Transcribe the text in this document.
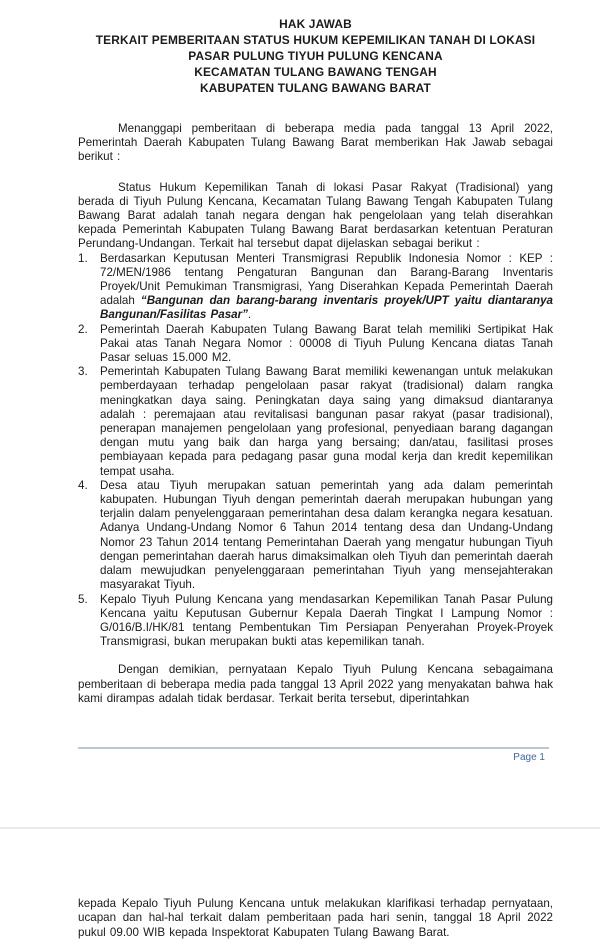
HAK JAWAB
TERKAIT PEMBERITAAN STATUS HUKUM KEPEMILIKAN TANAH DI LOKASI
PASAR PULUNG TIYUH PULUNG KENCANA
KECAMATAN TULANG BAWANG TENGAH
KABUPATEN TULANG BAWANG BARAT

Menanggapi pemberitaan di beberapa media pada tanggal 13 April 2022, Pemerintah Daerah Kabupaten Tulang Bawang Barat memberikan Hak Jawab sebagai berikut :

Status Hukum Kepemilikan Tanah di lokasi Pasar Rakyat (Tradisional) yang berada di Tiyuh Pulung Kencana, Kecamatan Tulang Bawang Tengah Kabupaten Tulang Bawang Barat adalah tanah negara dengan hak pengelolaan yang telah diserahkan kepada Pemerintah Kabupaten Tulang Bawang Barat berdasarkan ketentuan Peraturan Perundang-Undangan. Terkait hal tersebut dapat dijelaskan sebagai berikut :

1. Berdasarkan Keputusan Menteri Transmigrasi Republik Indonesia Nomor : KEP : 72/MEN/1986 tentang Pengaturan Bangunan dan Barang-Barang Inventaris Proyek/Unit Pemukiman Transmigrasi, Yang Diserahkan Kepada Pemerintah Daerah adalah “Bangunan dan barang-barang inventaris proyek/UPT yaitu diantaranya Bangunan/Fasilitas Pasar”.
2. Pemerintah Daerah Kabupaten Tulang Bawang Barat telah memiliki Sertipikat Hak Pakai atas Tanah Negara Nomor : 00008 di Tiyuh Pulung Kencana diatas Tanah Pasar seluas 15.000 M2.
3. Pemerintah Kabupaten Tulang Bawang Barat memiliki kewenangan untuk melakukan pemberdayaan terhadap pengelolaan pasar rakyat (tradisional) dalam rangka meningkatkan daya saing. Peningkatan daya saing yang dimaksud diantaranya adalah : peremajaan atau revitalisasi bangunan pasar rakyat (pasar tradisional), penerapan manajemen pengelolaan yang profesional, penyediaan barang dagangan dengan mutu yang baik dan harga yang bersaing; dan/atau, fasilitasi proses pembiayaan kepada para pedagang pasar guna modal kerja dan kredit kepemilikan tempat usaha.
4. Desa atau Tiyuh merupakan satuan pemerintah yang ada dalam pemerintah kabupaten. Hubungan Tiyuh dengan pemerintah daerah merupakan hubungan yang terjalin dalam penyelenggaraan pemerintahan desa dalam kerangka negara kesatuan. Adanya Undang-Undang Nomor 6 Tahun 2014 tentang desa dan Undang-Undang Nomor 23 Tahun 2014 tentang Pemerintahan Daerah yang mengatur hubungan Tiyuh dengan pemerintahan daerah harus dimaksimalkan oleh Tiyuh dan pemerintah daerah dalam mewujudkan penyelenggaraan pemerintahan Tiyuh yang mensejahterakan masyarakat Tiyuh.
5. Kepalo Tiyuh Pulung Kencana yang mendasarkan Kepemilikan Tanah Pasar Pulung Kencana yaitu Keputusan Gubernur Kepala Daerah Tingkat I Lampung Nomor : G/016/B.I/HK/81 tentang Pembentukan Tim Persiapan Penyerahan Proyek-Proyek Transmigrasi, bukan merupakan bukti atas kepemilikan tanah.

Dengan demikian, pernyataan Kepalo Tiyuh Pulung Kencana sebagaimana pemberitaan di beberapa media pada tanggal 13 April 2022 yang menyakatan bahwa hak kami dirampas adalah tidak berdasar. Terkait berita tersebut, diperintahkan

Page 1

kepada Kepalo Tiyuh Pulung Kencana untuk melakukan klarifikasi terhadap pernyataan, ucapan dan hal-hal terkait dalam pemberitaan pada hari senin, tanggal 18 April 2022 pukul 09.00 WIB kepada Inspektorat Kabupaten Tulang Bawang Barat.
